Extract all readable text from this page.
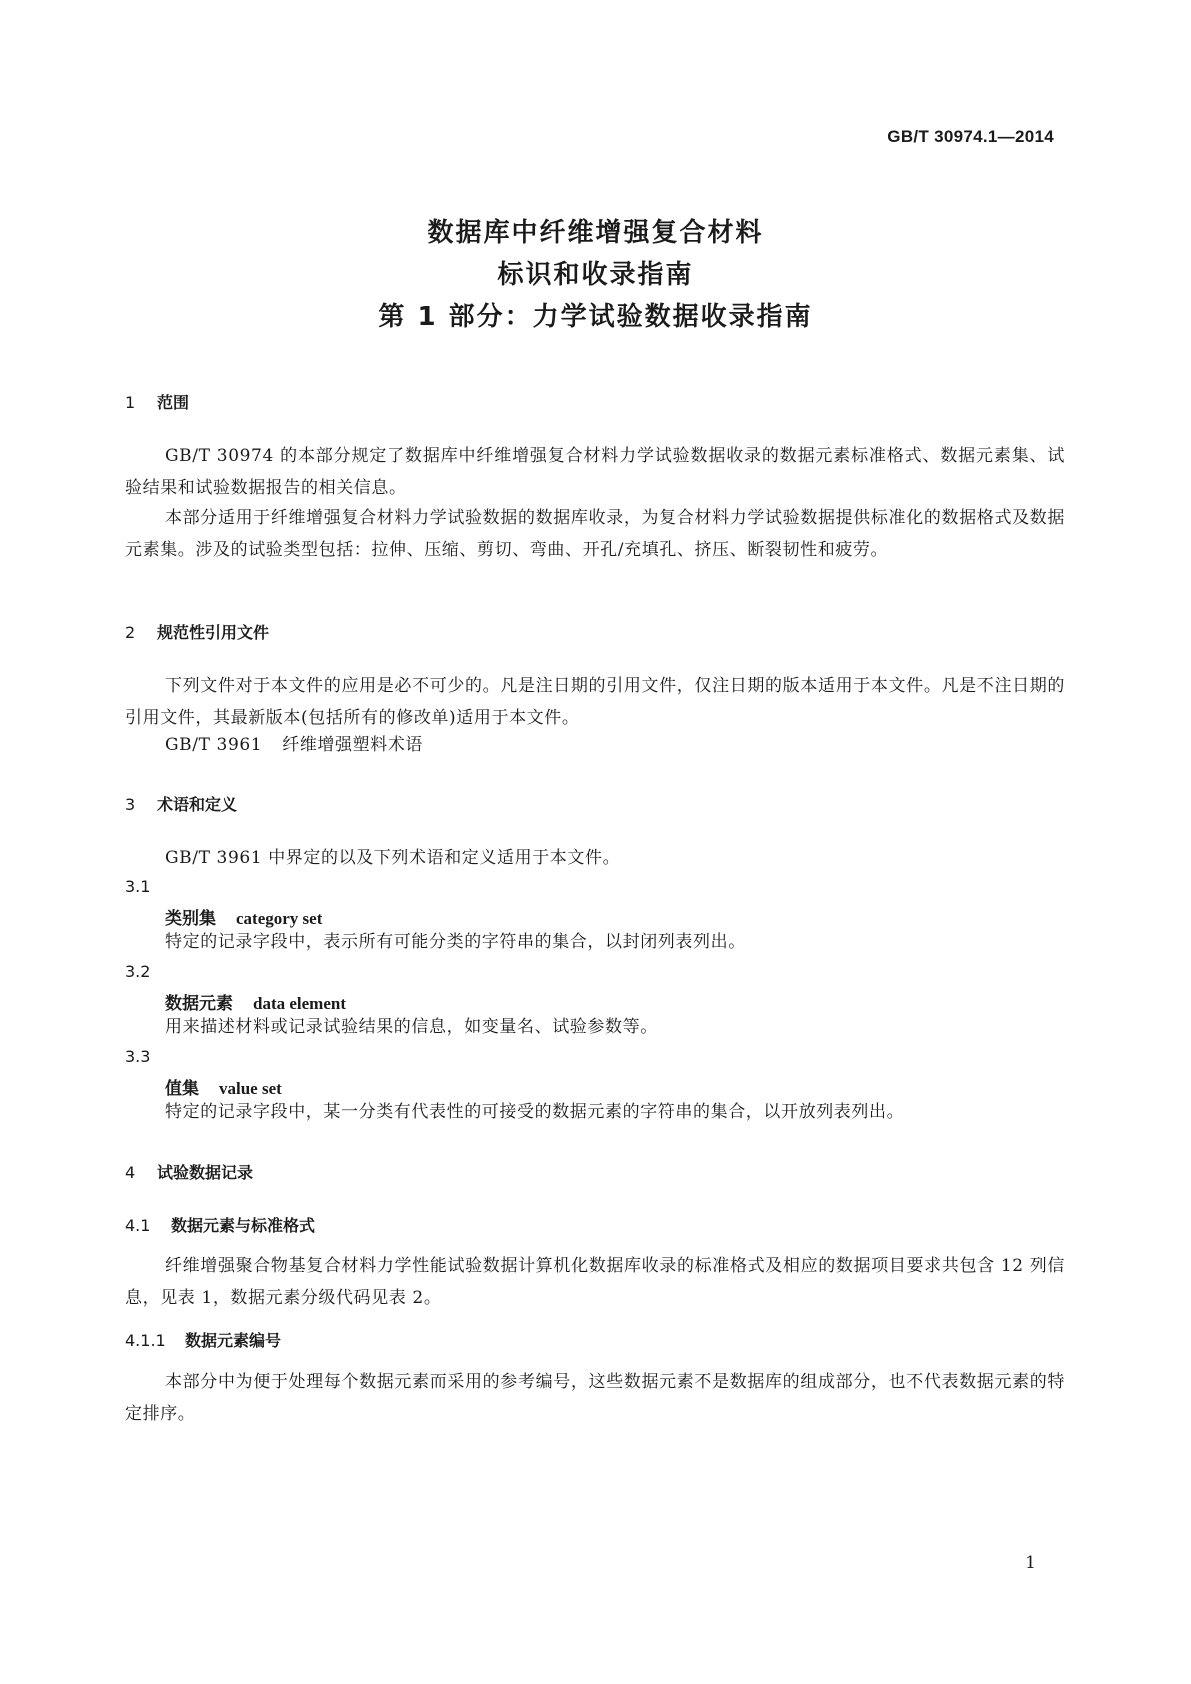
GB/T 30974.1—2014
数据库中纤维增强复合材料
标识和收录指南
第 1 部分：力学试验数据收录指南
1 范围
GB/T 30974 的本部分规定了数据库中纤维增强复合材料力学试验数据收录的数据元素标准格式、数据元素集、试验结果和试验数据报告的相关信息。
本部分适用于纤维增强复合材料力学试验数据的数据库收录，为复合材料力学试验数据提供标准化的数据格式及数据元素集。涉及的试验类型包括：拉伸、压缩、剪切、弯曲、开孔/充填孔、挤压、断裂韧性和疲劳。
2 规范性引用文件
下列文件对于本文件的应用是必不可少的。凡是注日期的引用文件，仅注日期的版本适用于本文件。凡是不注日期的引用文件，其最新版本(包括所有的修改单)适用于本文件。
GB/T 3961 纤维增强塑料术语
3 术语和定义
GB/T 3961 中界定的以及下列术语和定义适用于本文件。
3.1
类别集 category set
特定的记录字段中，表示所有可能分类的字符串的集合，以封闭列表列出。
3.2
数据元素 data element
用来描述材料或记录试验结果的信息，如变量名、试验参数等。
3.3
值集 value set
特定的记录字段中，某一分类有代表性的可接受的数据元素的字符串的集合，以开放列表列出。
4 试验数据记录
4.1 数据元素与标准格式
纤维增强聚合物基复合材料力学性能试验数据计算机化数据库收录的标准格式及相应的数据项目要求共包含 12 列信息，见表 1，数据元素分级代码见表 2。
4.1.1 数据元素编号
本部分中为便于处理每个数据元素而采用的参考编号，这些数据元素不是数据库的组成部分，也不代表数据元素的特定排序。
1
